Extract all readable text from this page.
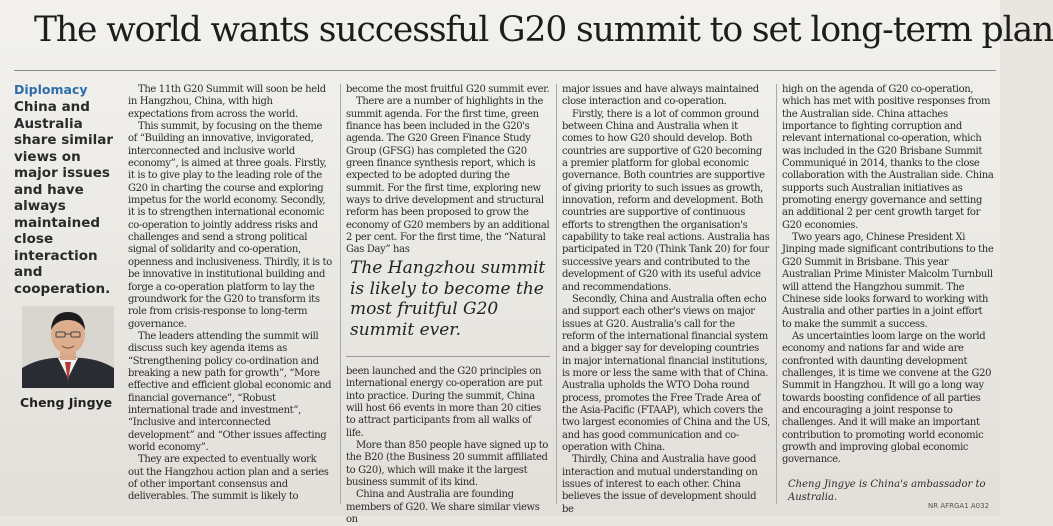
The world wants successful G20 summit to set long-term plan
Diplomacy
China and Australia share similar views on major issues and have always maintained close interaction and cooperation.
Cheng Jingye

The 11th G20 Summit will soon be held in Hangzhou, China, with high expectations from across the world.

This summit, by focusing on the theme of “Building an innovative, invigorated, interconnected and inclusive world economy”, is aimed at three goals. Firstly, it is to give play to the leading role of the G20 in charting the course and exploring impetus for the world economy. Secondly, it is to strengthen international economic co-operation to jointly address risks and challenges and send a strong political signal of solidarity and co-operation, openness and inclusiveness. Thirdly, it is to be innovative in institutional building and forge a co-operation platform to lay the groundwork for the G20 to transform its role from crisis-response to long-term governance.

The leaders attending the summit will discuss such key agenda items as “Strengthening policy co-ordination and breaking a new path for growth”, “More effective and efficient global economic and financial governance”, “Robust international trade and investment”, “Inclusive and interconnected development” and “Other issues affecting world economy”.

They are expected to eventually work out the Hangzhou action plan and a series of other important consensus and deliverables. The summit is likely to

become the most fruitful G20 summit ever.

There are a number of highlights in the summit agenda. For the first time, green finance has been included in the G20's agenda. The G20 Green Finance Study Group (GFSG) has completed the G20 green finance synthesis report, which is expected to be adopted during the summit. For the first time, exploring new ways to drive development and structural reform has been proposed to grow the economy of G20 members by an additional 2 per cent. For the first time, the “Natural Gas Day” has

The Hangzhou summit is likely to become the most fruitful G20 summit ever.

been launched and the G20 principles on international energy co-operation are put into practice. During the summit, China will host 66 events in more than 20 cities to attract participants from all walks of life.

More than 850 people have signed up to the B20 (the Business 20 summit affiliated to G20), which will make it the largest business summit of its kind.

China and Australia are founding members of G20. We share similar views on

major issues and have always maintained close interaction and co-operation.

Firstly, there is a lot of common ground between China and Australia when it comes to how G20 should develop. Both countries are supportive of G20 becoming a premier platform for global economic governance. Both countries are supportive of giving priority to such issues as growth, innovation, reform and development. Both countries are supportive of continuous efforts to strengthen the organisation's capability to take real actions. Australia has participated in T20 (Think Tank 20) for four successive years and contributed to the development of G20 with its useful advice and recommendations.

Secondly, China and Australia often echo and support each other's views on major issues at G20. Australia's call for the reform of the international financial system and a bigger say for developing countries in major international financial institutions, is more or less the same with that of China. Australia upholds the WTO Doha round process, promotes the Free Trade Area of the Asia-Pacific (FTAAP), which covers the two largest economies of China and the US, and has good communication and co-operation with China.

Thirdly, China and Australia have good interaction and mutual understanding on issues of interest to each other. China believes the issue of development should be

high on the agenda of G20 co-operation, which has met with positive responses from the Australian side. China attaches importance to fighting corruption and relevant international co-operation, which was included in the G20 Brisbane Summit Communiqué in 2014, thanks to the close collaboration with the Australian side. China supports such Australian initiatives as promoting energy governance and setting an additional 2 per cent growth target for G20 economies.

Two years ago, Chinese President Xi Jinping made significant contributions to the G20 Summit in Brisbane. This year Australian Prime Minister Malcolm Turnbull will attend the Hangzhou summit. The Chinese side looks forward to working with Australia and other parties in a joint effort to make the summit a success.

As uncertainties loom large on the world economy and nations far and wide are confronted with daunting development challenges, it is time we convene at the G20 Summit in Hangzhou. It will go a long way towards boosting confidence of all parties and encouraging a joint response to challenges. And it will make an important contribution to promoting world economic growth and improving global economic governance.

Cheng Jingye is China's ambassador to Australia.
NR AFRGA1 A032
